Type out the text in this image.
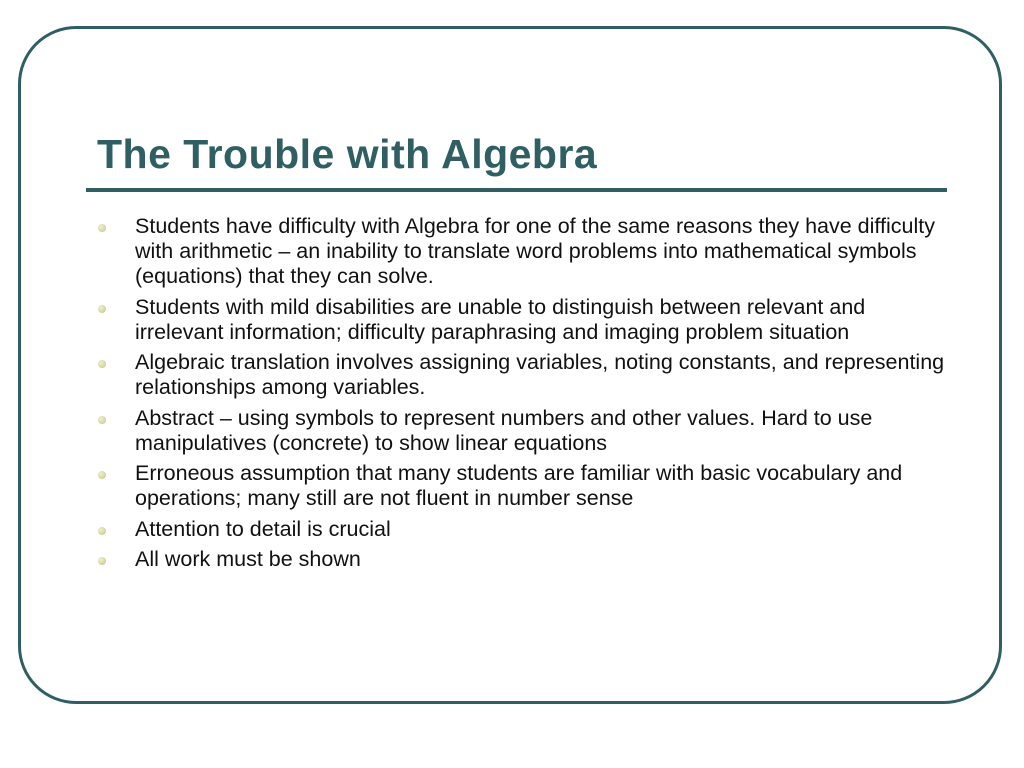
The Trouble with Algebra
Students have difficulty with Algebra for one of the same reasons they have difficulty with arithmetic – an inability to translate word problems into mathematical symbols (equations) that they can solve.
Students with mild disabilities are unable to distinguish between relevant and irrelevant information; difficulty paraphrasing and imaging problem situation
Algebraic translation involves assigning variables, noting constants, and representing relationships among variables.
Abstract – using symbols to represent numbers and other values. Hard to use manipulatives (concrete) to show linear equations
Erroneous assumption that many students are familiar with basic vocabulary and operations; many still are not fluent in number sense
Attention to detail is crucial
All work must be shown
